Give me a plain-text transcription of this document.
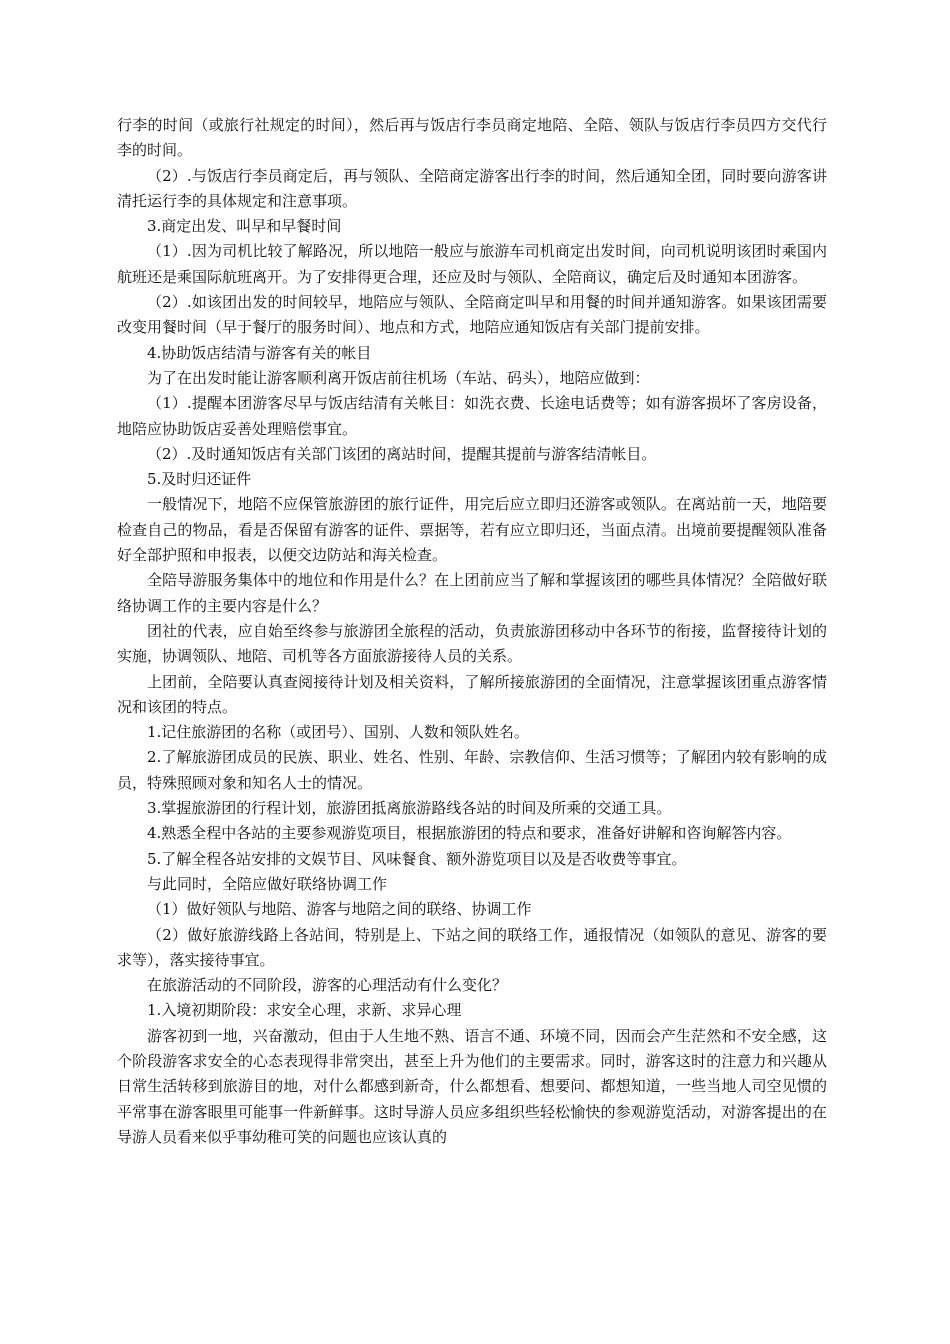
行李的时间（或旅行社规定的时间），然后再与饭店行李员商定地陪、全陪、领队与饭店行李员四方交代行李的时间。

（2）.与饭店行李员商定后，再与领队、全陪商定游客出行李的时间，然后通知全团，同时要向游客讲清托运行李的具体规定和注意事项。

3.商定出发、叫早和早餐时间

（1）.因为司机比较了解路况，所以地陪一般应与旅游车司机商定出发时间，向司机说明该团时乘国内航班还是乘国际航班离开。为了安排得更合理，还应及时与领队、全陪商议，确定后及时通知本团游客。

（2）.如该团出发的时间较早，地陪应与领队、全陪商定叫早和用餐的时间并通知游客。如果该团需要改变用餐时间（早于餐厅的服务时间）、地点和方式，地陪应通知饭店有关部门提前安排。

4.协助饭店结清与游客有关的帐目

为了在出发时能让游客顺利离开饭店前往机场（车站、码头），地陪应做到：

（1）.提醒本团游客尽早与饭店结清有关帐目：如洗衣费、长途电话费等；如有游客损坏了客房设备，地陪应协助饭店妥善处理赔偿事宜。

（2）.及时通知饭店有关部门该团的离站时间，提醒其提前与游客结清帐目。

5.及时归还证件

一般情况下，地陪不应保管旅游团的旅行证件，用完后应立即归还游客或领队。在离站前一天，地陪要检查自己的物品，看是否保留有游客的证件、票据等，若有应立即归还，当面点清。出境前要提醒领队准备好全部护照和申报表，以便交边防站和海关检查。

全陪导游服务集体中的地位和作用是什么？在上团前应当了解和掌握该团的哪些具体情况？全陪做好联络协调工作的主要内容是什么？

团社的代表，应自始至终参与旅游团全旅程的活动，负责旅游团移动中各环节的衔接，监督接待计划的实施，协调领队、地陪、司机等各方面旅游接待人员的关系。

上团前，全陪要认真查阅接待计划及相关资料，了解所接旅游团的全面情况，注意掌握该团重点游客情况和该团的特点。

1.记住旅游团的名称（或团号）、国别、人数和领队姓名。

2.了解旅游团成员的民族、职业、姓名、性别、年龄、宗教信仰、生活习惯等；了解团内较有影响的成员，特殊照顾对象和知名人士的情况。

3.掌握旅游团的行程计划，旅游团抵离旅游路线各站的时间及所乘的交通工具。

4.熟悉全程中各站的主要参观游览项目，根据旅游团的特点和要求，准备好讲解和咨询解答内容。

5.了解全程各站安排的文娱节目、风味餐食、额外游览项目以及是否收费等事宜。

与此同时，全陪应做好联络协调工作

（1）做好领队与地陪、游客与地陪之间的联络、协调工作

（2）做好旅游线路上各站间，特别是上、下站之间的联络工作，通报情况（如领队的意见、游客的要求等），落实接待事宜。

在旅游活动的不同阶段，游客的心理活动有什么变化？

1.入境初期阶段：求安全心理，求新、求异心理

游客初到一地，兴奋激动，但由于人生地不熟、语言不通、环境不同，因而会产生茫然和不安全感，这个阶段游客求安全的心态表现得非常突出，甚至上升为他们的主要需求。同时，游客这时的注意力和兴趣从日常生活转移到旅游目的地，对什么都感到新奇，什么都想看、想要问、都想知道，一些当地人司空见惯的平常事在游客眼里可能事一件新鲜事。这时导游人员应多组织些轻松愉快的参观游览活动，对游客提出的在导游人员看来似乎事幼稚可笑的问题也应该认真的
